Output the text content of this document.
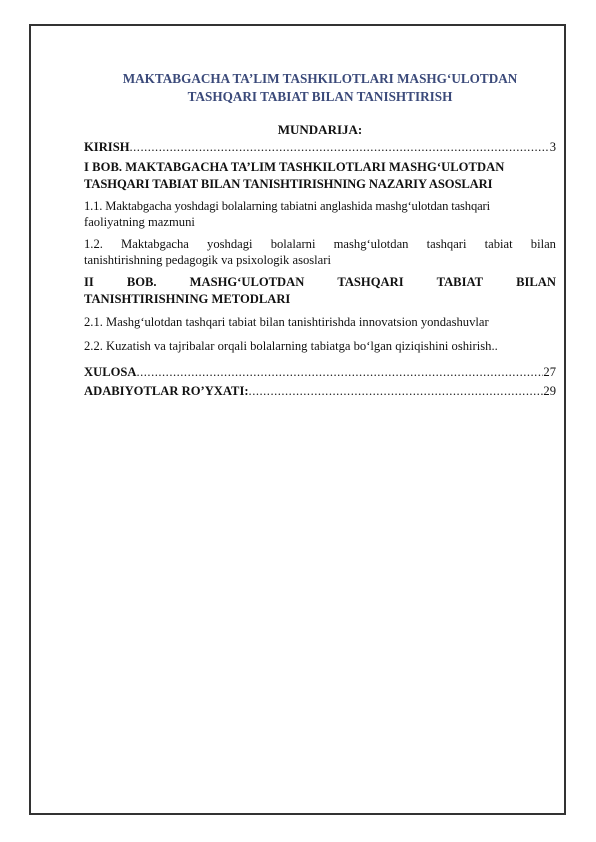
MAKTABGACHA TA’LIM TASHKILOTLARI MASHG‘ULOTDAN
TASHQARI TABIAT BILAN TANISHTIRISH
MUNDARIJA:
KIRISH .....	3
I BOB. MAKTABGACHA TA’LIM TASHKILOTLARI MASHG‘ULOTDAN
TASHQARI TABIAT BILAN TANISHTIRISHNING NAZARIY ASOSLARI
1.1. Maktabgacha yoshdagi bolalarning tabiatni anglashida mashg‘ulotdan tashqari
faoliyatning mazmuni
1.2. Maktabgacha yoshdagi bolalarni mashg‘ulotdan tashqari tabiat bilan
tanishtirishning pedagogik va psixologik asoslari
II	BOB.	MASHG‘ULOTDAN	TASHQARI	TABIAT	BILAN
TANISHTIRISHNING METODLARI
2.1. Mashg‘ulotdan tashqari tabiat bilan tanishtirishda innovatsion yondashuvlar
2.2. Kuzatish va tajribalar orqali bolalarning tabiatga bo‘lgan qiziqishini oshirish..
XULOSA .....	27
ADABIYOTLAR RO’YXATI: .....	29
